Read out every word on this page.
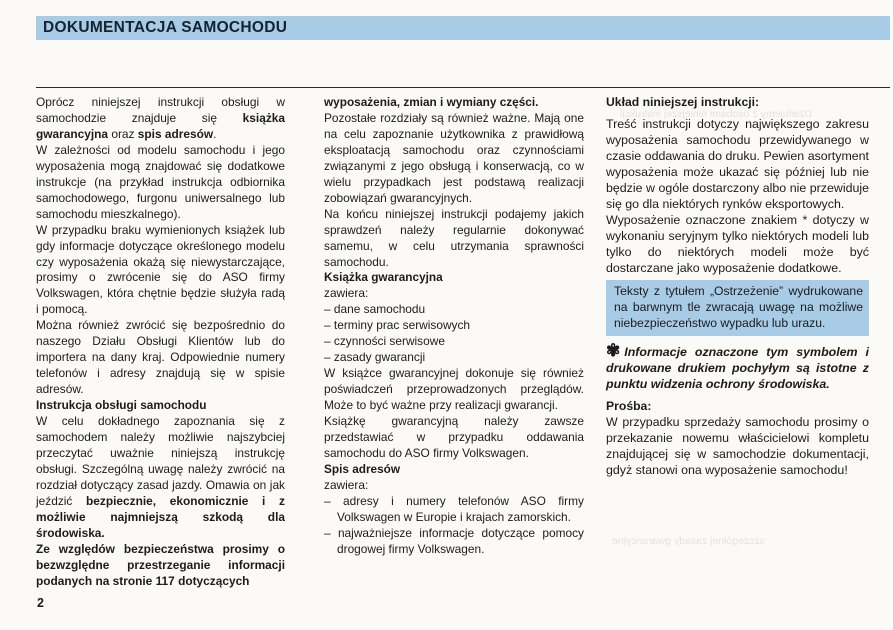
DOKUMENTACJA SAMOCHODU
Dzielujemy z osobami niniejszej instrukcji
szczególnej zasady gwarancyjne

Oprócz niniejszej instrukcji obsługi w samochodzie znajduje się książka gwarancyjna oraz spis adresów.

W zależności od modelu samochodu i jego wyposażenia mogą znajdować się dodatkowe instrukcje (na przykład instrukcja odbiornika samochodowego, furgonu uniwersalnego lub samochodu mieszkalnego).

W przypadku braku wymienionych książek lub gdy informacje dotyczące określonego modelu czy wyposażenia okażą się niewystarczające, prosimy o zwrócenie się do ASO firmy Volkswagen, która chętnie będzie służyła radą i pomocą.

Można również zwrócić się bezpośrednio do naszego Działu Obsługi Klientów lub do importera na dany kraj. Odpowiednie numery telefonów i adresy znajdują się w spisie adresów.

Instrukcja obsługi samochodu

W celu dokładnego zapoznania się z samochodem należy możliwie najszybciej przeczytać uważnie niniejszą instrukcję obsługi. Szczególną uwagę należy zwrócić na rozdział dotyczący zasad jazdy. Omawia on jak jeździć bezpiecznie, ekonomicznie i z możliwie najmniejszą szkodą dla środowiska.

Ze względów bezpieczeństwa prosimy o bezwzględne przestrzeganie informacji podanych na stronie 117 dotyczących

wyposażenia, zmian i wymiany części.

Pozostałe rozdziały są również ważne. Mają one na celu zapoznanie użytkownika z prawidłową eksploatacją samochodu oraz czynnościami związanymi z jego obsługą i konserwacją, co w wielu przypadkach jest podstawą realizacji zobowiązań gwarancyjnych.

Na końcu niniejszej instrukcji podajemy jakich sprawdzeń należy regularnie dokonywać samemu, w celu utrzymania sprawności samochodu.

Książka gwarancyjna

zawiera:

– dane samochodu

– terminy prac serwisowych

– czynności serwisowe

– zasady gwarancji

W książce gwarancyjnej dokonuje się również poświadczeń przeprowadzonych przeglądów. Może to być ważne przy realizacji gwarancji.

Książkę gwarancyjną należy zawsze przedstawiać w przypadku oddawania samochodu do ASO firmy Volkswagen.

Spis adresów

zawiera:

– adresy i numery telefonów ASO firmy Volkswagen w Europie i krajach zamorskich.

– najważniejsze informacje dotyczące pomocy drogowej firmy Volkswagen.

Układ niniejszej instrukcji:

Treść instrukcji dotyczy największego zakresu wyposażenia samochodu przewidywanego w czasie oddawania do druku. Pewien asortyment wyposażenia może ukazać się później lub nie będzie w ogóle dostarczony albo nie przewiduje się go dla niektórych rynków eksportowych.

Wyposażenie oznaczone znakiem * dotyczy w wykonaniu seryjnym tylko niektórych modeli lub tylko do niektórych modeli może być dostarczane jako wyposażenie dodatkowe.

Teksty z tytułem „Ostrzeżenie” wydrukowane na barwnym tle zwracają uwagę na możliwe niebezpieczeństwo wypadku lub urazu.

✾ Informacje oznaczone tym symbolem i drukowane drukiem pochyłym są istotne z punktu widzenia ochrony środowiska.

Prośba:

W przypadku sprzedaży samochodu prosimy o przekazanie nowemu właścicielowi kompletu znajdującej się w samochodzie dokumentacji, gdyż stanowi ona wyposażenie samochodu!

2
